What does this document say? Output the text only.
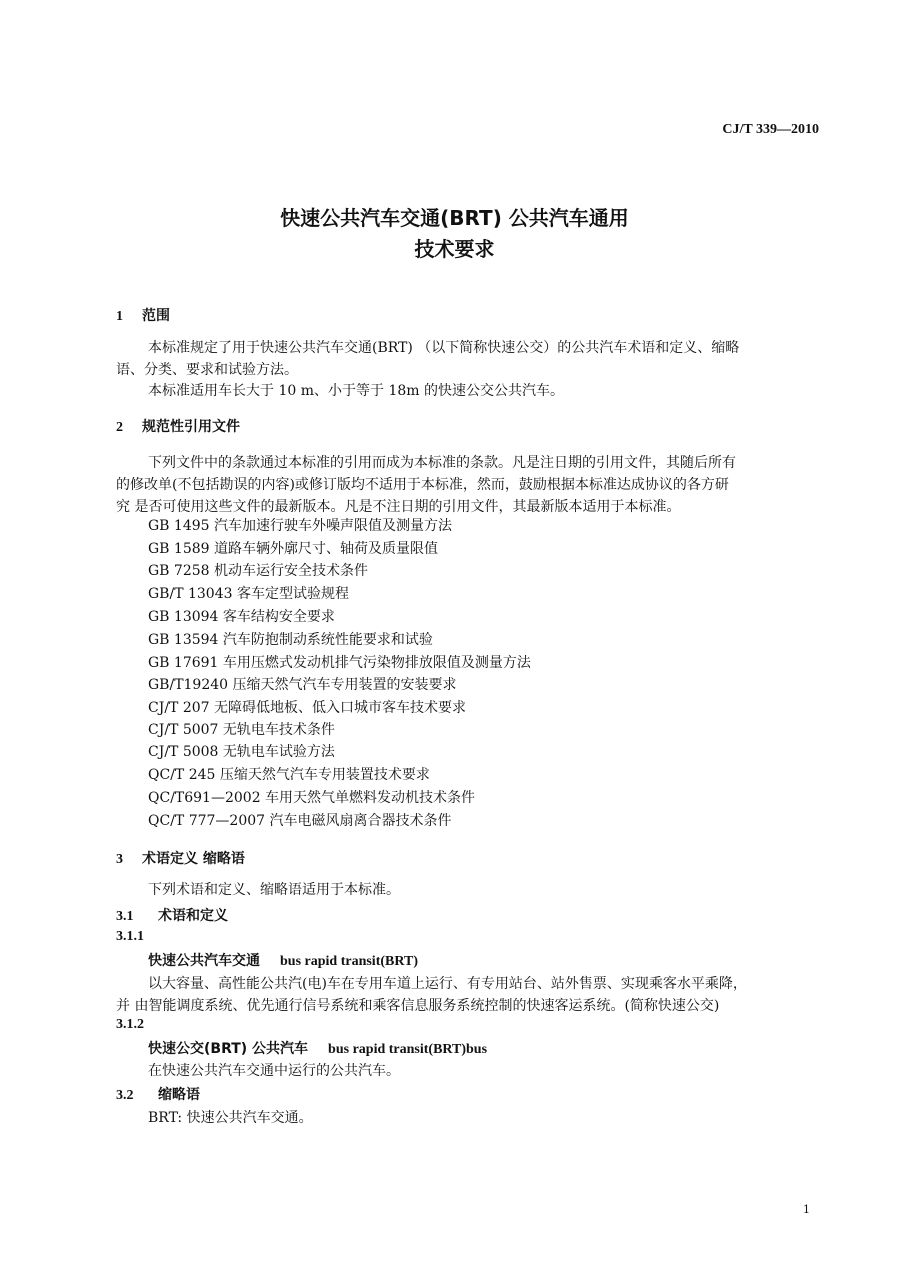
CJ/T 339—2010
快速公共汽车交通(BRT) 公共汽车通用
技术要求
1 范围
本标准规定了用于快速公共汽车交通(BRT) （以下简称快速公交）的公共汽车术语和定义、缩略
语、分类、要求和试验方法。
本标准适用车长大于 10 m、小于等于 18m 的快速公交公共汽车。
2 规范性引用文件
下列文件中的条款通过本标准的引用而成为本标准的条款。凡是注日期的引用文件，其随后所有
的修改单(不包括勘误的内容)或修订版均不适用于本标准，然而，鼓励根据本标准达成协议的各方研
究 是否可使用这些文件的最新版本。凡是不注日期的引用文件，其最新版本适用于本标准。
GB 1495 汽车加速行驶车外噪声限值及测量方法
GB 1589 道路车辆外廓尺寸、轴荷及质量限值
GB 7258 机动车运行安全技术条件
GB/T 13043 客车定型试验规程
GB 13094 客车结构安全要求
GB 13594 汽车防抱制动系统性能要求和试验
GB 17691 车用压燃式发动机排气污染物排放限值及测量方法
GB/T19240 压缩天然气汽车专用装置的安装要求
CJ/T 207 无障碍低地板、低入口城市客车技术要求
CJ/T 5007 无轨电车技术条件
CJ/T 5008 无轨电车试验方法
QC/T 245 压缩天然气汽车专用装置技术要求
QC/T691—2002 车用天然气单燃料发动机技术条件
QC/T 777—2007 汽车电磁风扇离合器技术条件
3 术语定义 缩略语
下列术语和定义、缩略语适用于本标准。
3.1 术语和定义
3.1.1
快速公共汽车交通 bus rapid transit(BRT)
以大容量、高性能公共汽(电)车在专用车道上运行、有专用站台、站外售票、实现乘客水平乘降，
并 由智能调度系统、优先通行信号系统和乘客信息服务系统控制的快速客运系统。(简称快速公交)
3.1.2
快速公交(BRT) 公共汽车 bus rapid transit(BRT)bus
在快速公共汽车交通中运行的公共汽车。
3.2 缩略语
BRT: 快速公共汽车交通。
1
